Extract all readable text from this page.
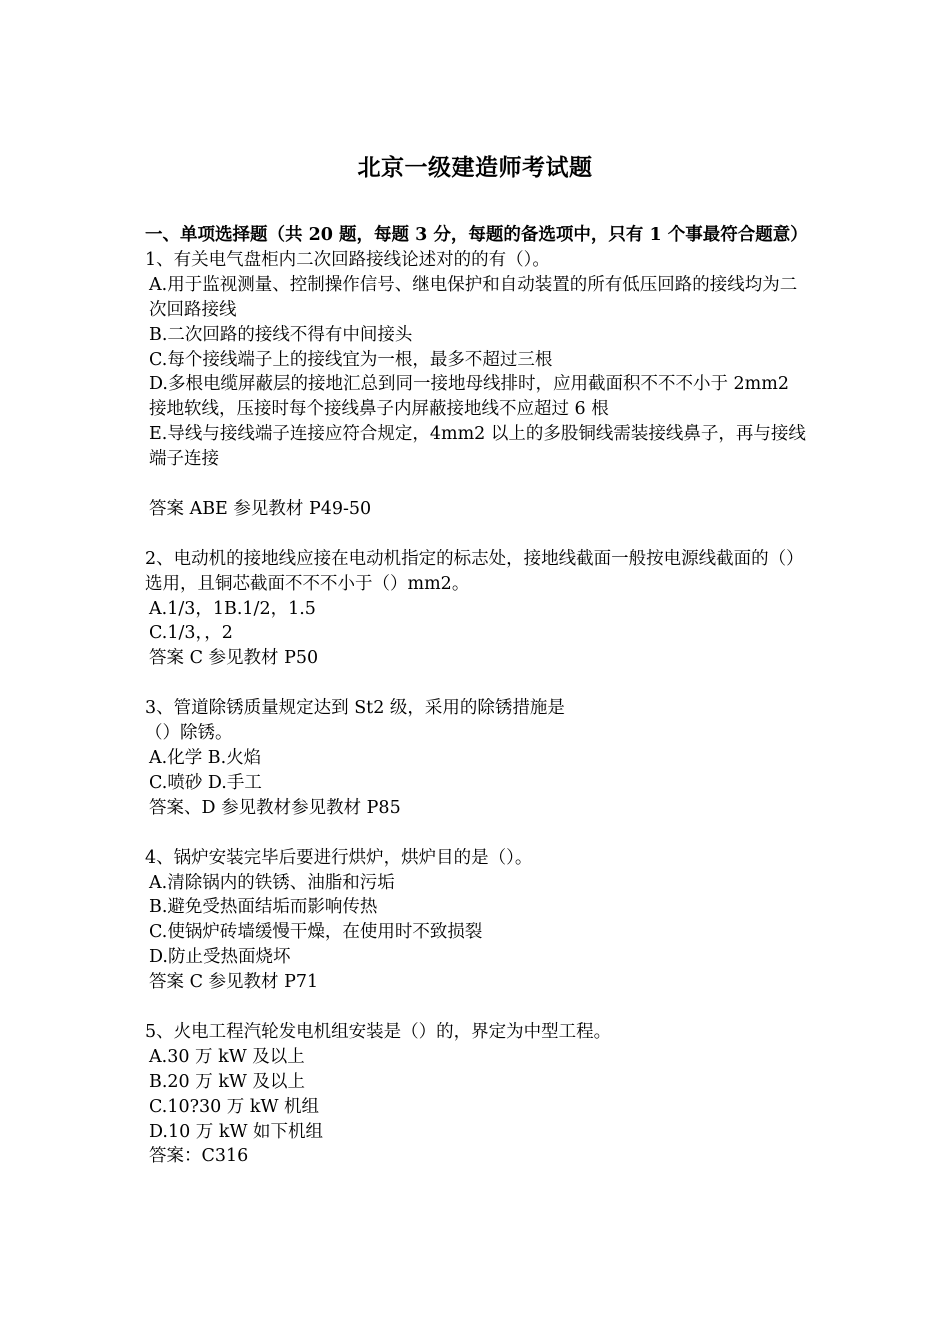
北京一级建造师考试题

一、单项选择题（共 20 题，每题 3 分，每题的备选项中，只有 1 个事最符合题意）

1、有关电气盘柜内二次回路接线论述对的的有（）。

A.用于监视测量、控制操作信号、继电保护和自动装置的所有低压回路的接线均为二次回路接线

B.二次回路的接线不得有中间接头

C.每个接线端子上的接线宜为一根，最多不超过三根

D.多根电缆屏蔽层的接地汇总到同一接地母线排时，应用截面积不不不小于 2mm2 接地软线，压接时每个接线鼻子内屏蔽接地线不应超过 6 根

E.导线与接线端子连接应符合规定，4mm2 以上的多股铜线需装接线鼻子，再与接线端子连接

答案 ABE 参见教材 P49-50

2、电动机的接地线应接在电动机指定的标志处，接地线截面一般按电源线截面的（）选用，且铜芯截面不不不小于（）mm2。

A.1/3，1B.1/2，1.5

C.1/3，，2

答案 C 参见教材 P50

3、管道除锈质量规定达到 St2 级，采用的除锈措施是

（）除锈。

A.化学 B.火焰

C.喷砂 D.手工

答案、D 参见教材参见教材 P85

4、锅炉安装完毕后要进行烘炉，烘炉目的是（）。

A.清除锅内的铁锈、油脂和污垢

B.避免受热面结垢而影响传热

C.使锅炉砖墙缓慢干燥，在使用时不致损裂

D.防止受热面烧坏

答案 C 参见教材 P71

5、火电工程汽轮发电机组安装是（）的，界定为中型工程。

A.30 万 kW 及以上

B.20 万 kW 及以上

C.10?30 万 kW 机组

D.10 万 kW 如下机组

答案：C316
